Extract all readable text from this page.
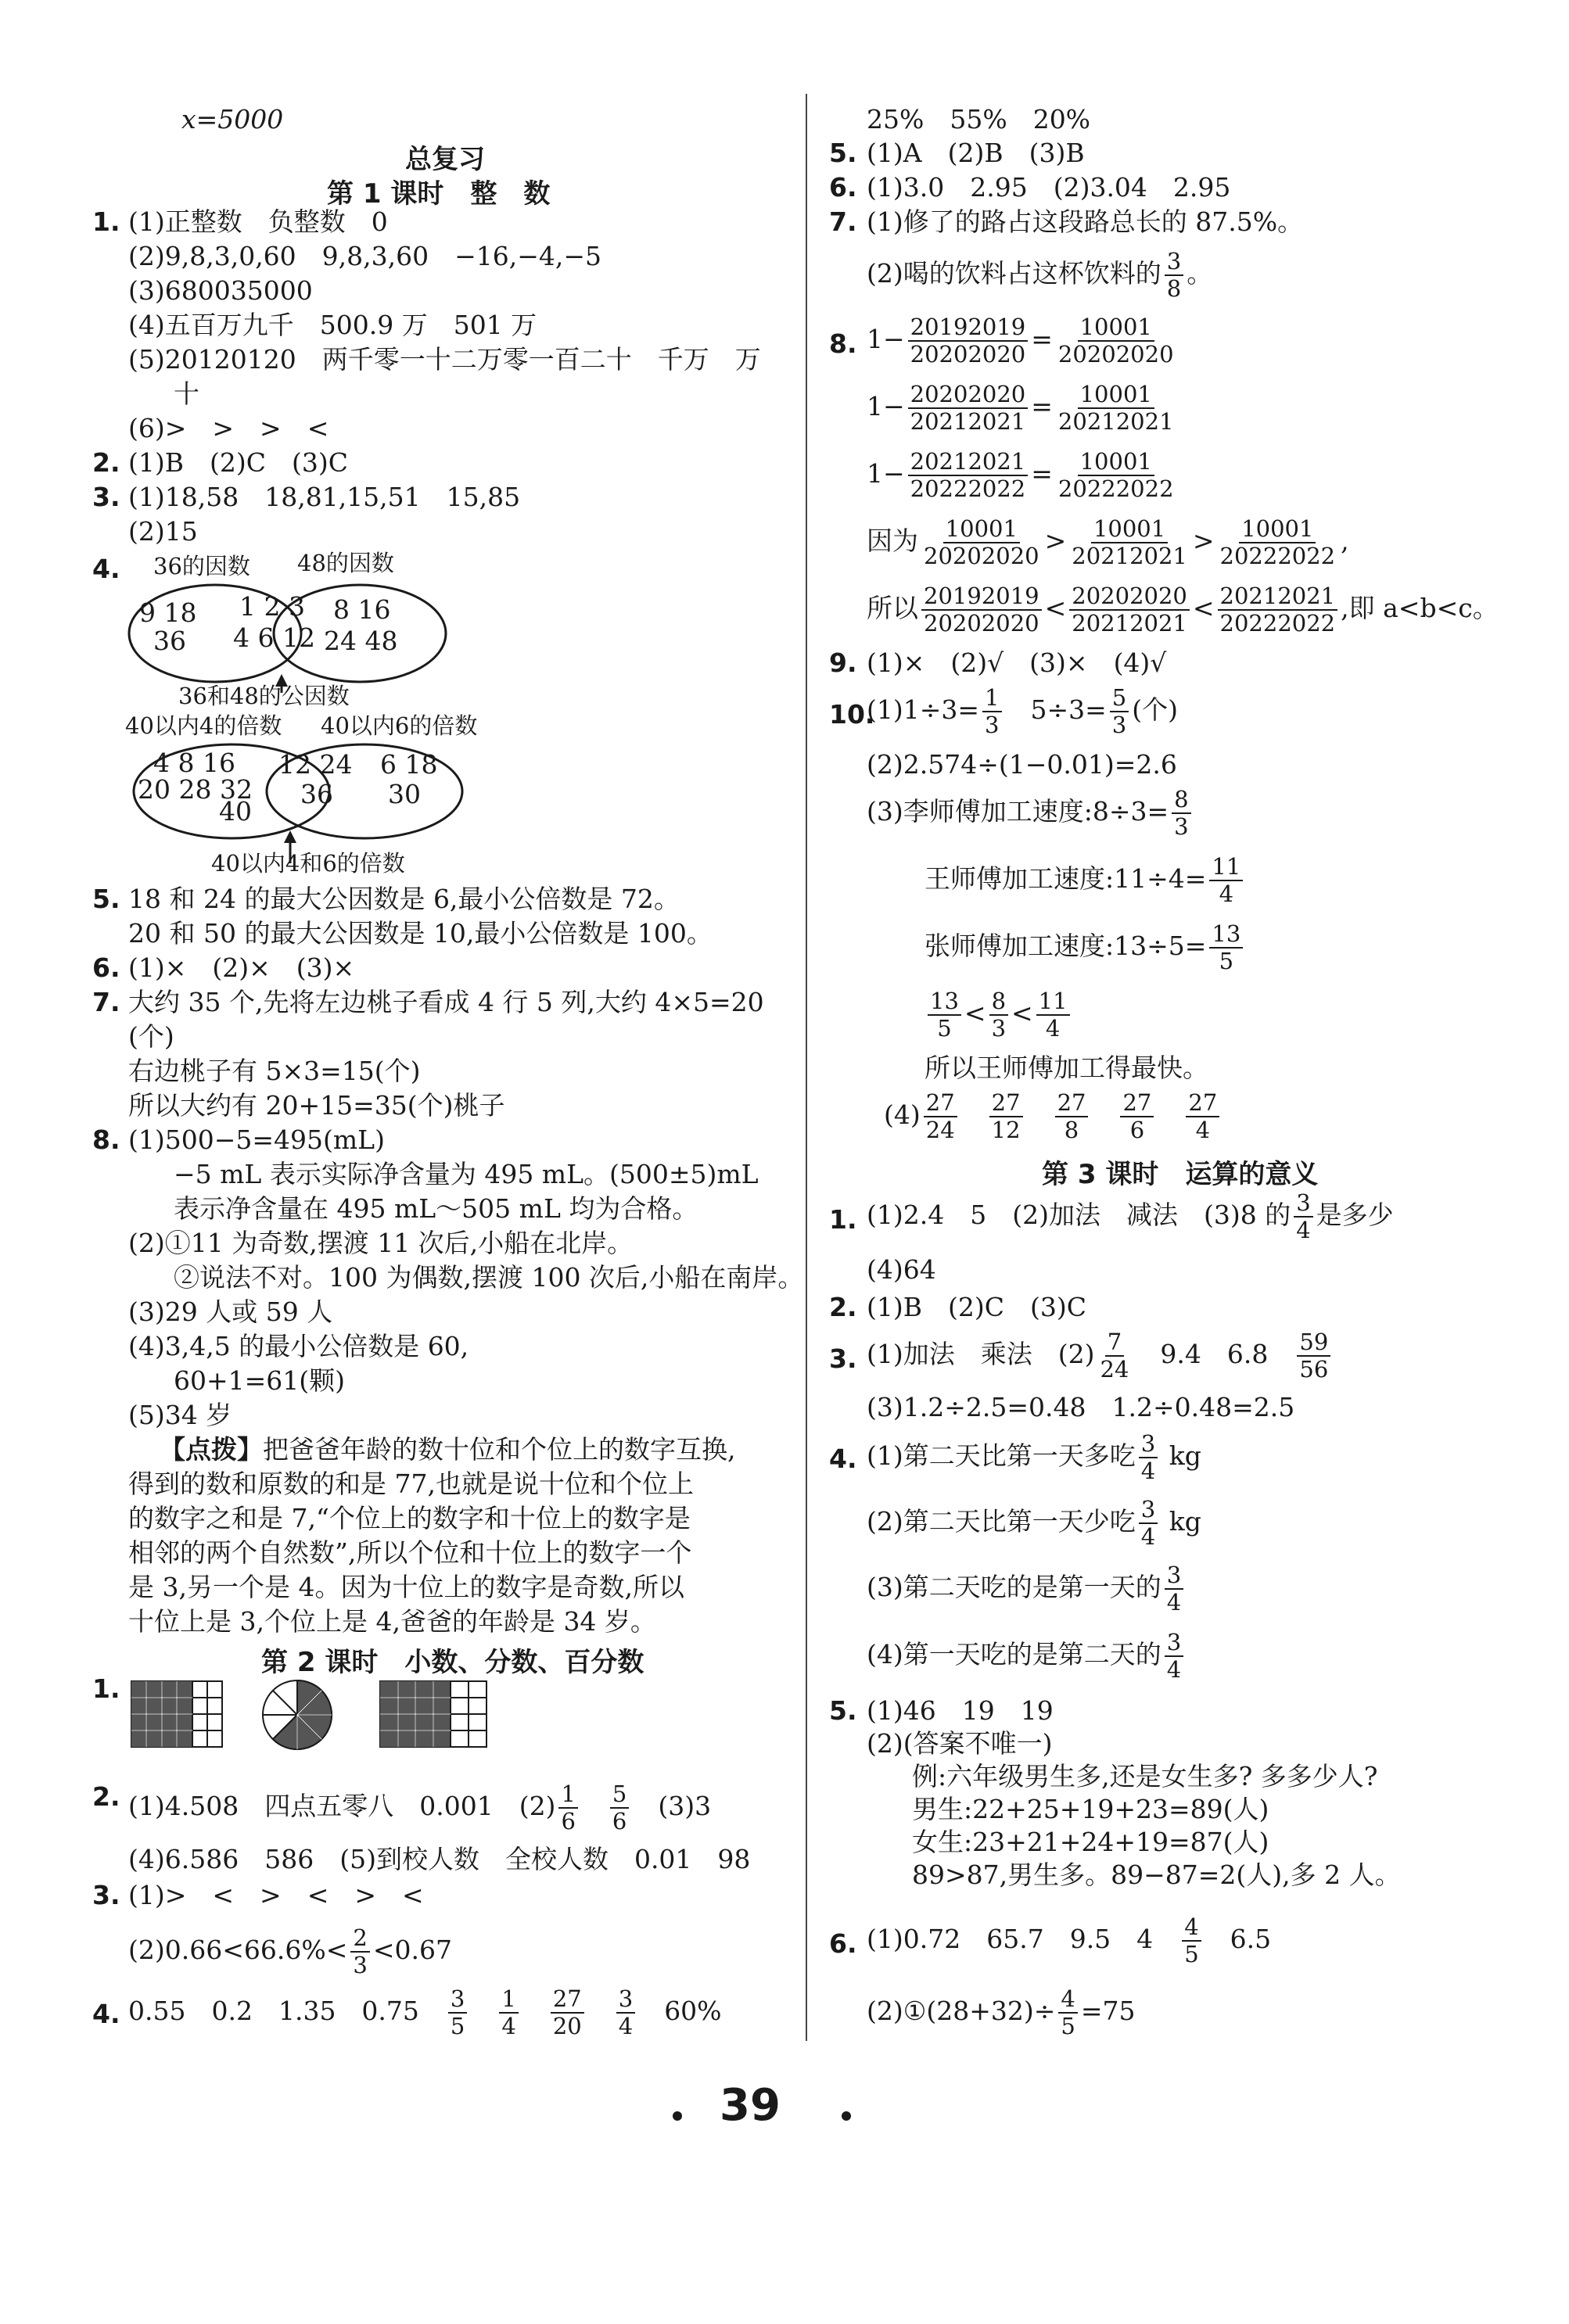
x=5000
总复习
第 1 课时　整　数
1. (1)正整数　负整数　0
(2)9,8,3,0,60　9,8,3,60　−16,−4,−5
(3)680035000
(4)五百万九千　500.9 万　501 万
(5)20120120　两千零一十二万零一百二十　千万　万
十
(6)>　>　>　<
2. (1)B　(2)C　(3)C
3. (1)18,58　18,81,15,51　15,85
(2)15
4. 36的因数 48的因数
9 18
36
1 2 3
4 6 12
8 16
24 48
36和48的公因数
40以内4的倍数 40以内6的倍数
4 8 16
20 28 32
40
12 24
36
6 18
30
40以内4和6的倍数
5. 18 和 24 的最大公因数是 6,最小公倍数是 72。
20 和 50 的最大公因数是 10,最小公倍数是 100。
6. (1)×　(2)×　(3)×
7. 大约 35 个,先将左边桃子看成 4 行 5 列,大约 4×5=20
(个)
右边桃子有 5×3=15(个)
所以大约有 20+15=35(个)桃子
8. (1)500−5=495(mL)
−5 mL 表示实际净含量为 495 mL。(500±5)mL
表示净含量在 495 mL～505 mL 均为合格。
(2)①11 为奇数,摆渡 11 次后,小船在北岸。
②说法不对。100 为偶数,摆渡 100 次后,小船在南岸。
(3)29 人或 59 人
(4)3,4,5 的最小公倍数是 60,
60+1=61(颗)
(5)34 岁
【点拨】把爸爸年龄的数十位和个位上的数字互换,
得到的数和原数的和是 77,也就是说十位和个位上
的数字之和是 7,“个位上的数字和十位上的数字是
相邻的两个自然数”,所以个位和十位上的数字一个
是 3,另一个是 4。因为十位上的数字是奇数,所以
十位上是 3,个位上是 4,爸爸的年龄是 34 岁。
第 2 课时　小数、分数、百分数
1.
2. (1)4.508　四点五零八　0.001　$(2) \frac{1}{6}$
　 $\frac{5}{6}$
　 (3)3
(4)6.586　586　(5)到校人数　全校人数　0.01　98
3. (1)>　<　>　<　>　<
$(2)0.66<66.6\%< \frac{2}{3} <0.67$
4. 0.55　0.2　1.35　0.75　 $\frac{3}{5}$
　 $\frac{1}{4}$
　 $\frac{27}{20}$
　 $\frac{3}{4}$
　 60%
25%　55%　20%
5. (1)A　(2)B　(3)B
6. (1)3.0　2.95　(2)3.04　2.95
7. (1)修了的路占这段路总长的 87.5%。
(2)喝的饮料占这杯饮料的 $\frac{3}{8}$ 。
8. $1- \frac{20192019}{20202020} = \frac{10001}{20202020}$
$1- \frac{20202020}{20212021} = \frac{10001}{20212021}$
$1- \frac{20212021}{20222022} = \frac{10001}{20222022}$
因为 $\frac{10001}{20202020} > \frac{10001}{20212021} > \frac{10001}{20222022}$ ,
所以 $\frac{20192019}{20202020} < \frac{20202020}{20212021} < \frac{20212021}{20222022}$ ,即 a<b<c。
9. (1)×　(2)√　(3)×　(4)√
10.
$(1)1\div 3= \frac{1}{3}$
　 $5\div 3= \frac{5}{3}$ (个)
(2)2.574÷(1−0.01)=2.6
(3)李师傅加工速度:8÷3= $\frac{8}{3}$
王师傅加工速度:11÷4= $\frac{11}{4}$
张师傅加工速度:13÷5= $\frac{13}{5}$
$\frac{13}{5} < \frac{8}{3} < \frac{11}{4}$
所以王师傅加工得最快。
$(4) \frac{27}{24}$
　 $\frac{27}{12}$
　 $\frac{27}{8}$
　 $\frac{27}{6}$
　 $\frac{27}{4}$
第 3 课时　运算的意义
1. (1)2.4　5　(2)加法　减法　(3)8 的 $\frac{3}{4}$ 是多少
(4)64
2. (1)B　(2)C　(3)C
3. (1)加法　乘法　$(2) \frac{7}{24}$
　 9.4　6.8　 $\frac{59}{56}$
(3)1.2÷2.5=0.48　1.2÷0.48=2.5
4. (1)第二天比第一天多吃 $\frac{3}{4}$ kg
(2)第二天比第一天少吃 $\frac{3}{4}$ kg
(3)第二天吃的是第一天的 $\frac{3}{4}$
(4)第一天吃的是第二天的 $\frac{3}{4}$
5. (1)46　19　19
(2)(答案不唯一)
例:六年级男生多,还是女生多? 多多少人?
男生:22+25+19+23=89(人)
女生:23+21+24+19=87(人)
89>87,男生多。89−87=2(人),多 2 人。
6. (1)0.72　65.7　9.5　4　 $\frac{4}{5}$
　 6.5
(2)①(28+32)÷ $\frac{4}{5} =75$
39
